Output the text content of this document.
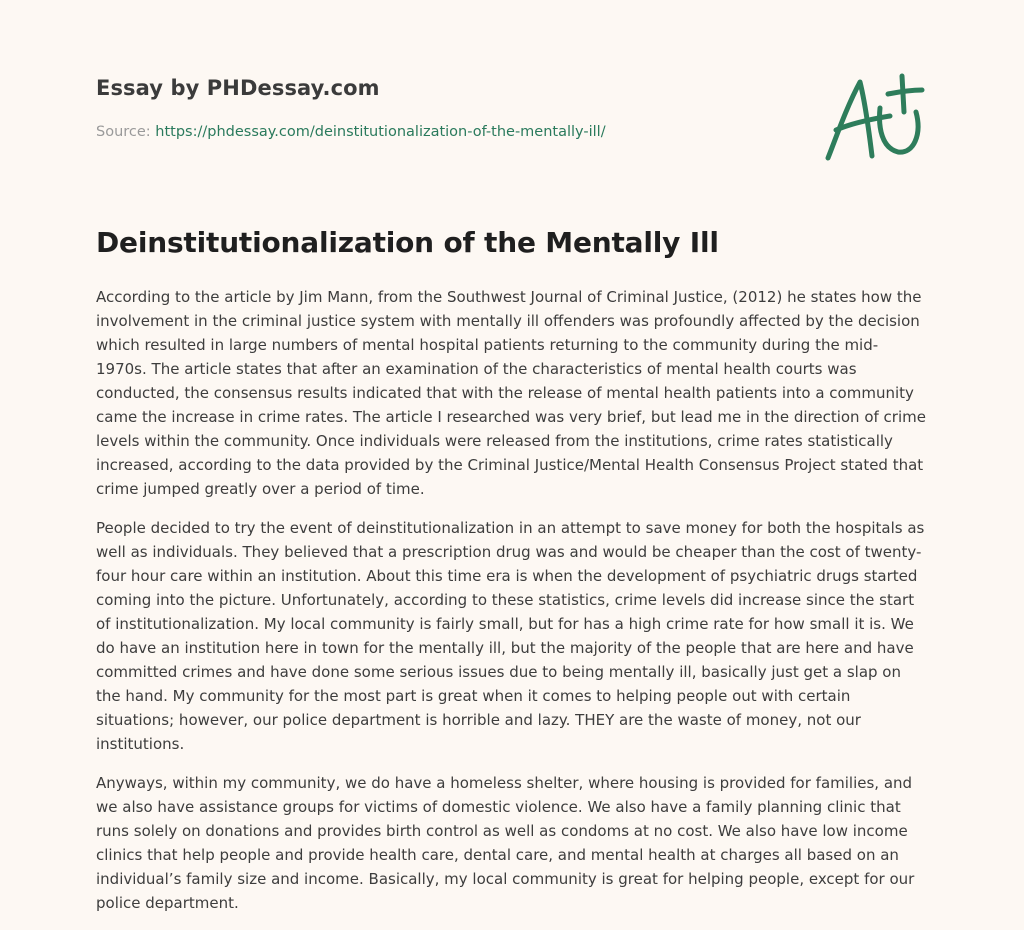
Essay by PHDessay.com
Source: https://phdessay.com/deinstitutionalization-of-the-mentally-ill/
Deinstitutionalization of the Mentally Ill

According to the article by Jim Mann, from the Southwest Journal of Criminal Justice, (2012) he states how the involvement in the criminal justice system with mentally ill offenders was profoundly affected by the decision which resulted in large numbers of mental hospital patients returning to the community during the mid-1970s. The article states that after an examination of the characteristics of mental health courts was conducted, the consensus results indicated that with the release of mental health patients into a community came the increase in crime rates. The article I researched was very brief, but lead me in the direction of crime levels within the community. Once individuals were released from the institutions, crime rates statistically increased, according to the data provided by the Criminal Justice/Mental Health Consensus Project stated that crime jumped greatly over a period of time.

People decided to try the event of deinstitutionalization in an attempt to save money for both the hospitals as well as individuals. They believed that a prescription drug was and would be cheaper than the cost of twenty-four hour care within an institution. About this time era is when the development of psychiatric drugs started coming into the picture. Unfortunately, according to these statistics, crime levels did increase since the start of institutionalization. My local community is fairly small, but for has a high crime rate for how small it is. We do have an institution here in town for the mentally ill, but the majority of the people that are here and have committed crimes and have done some serious issues due to being mentally ill, basically just get a slap on the hand. My community for the most part is great when it comes to helping people out with certain situations; however, our police department is horrible and lazy. THEY are the waste of money, not our institutions.

Anyways, within my community, we do have a homeless shelter, where housing is provided for families, and we also have assistance groups for victims of domestic violence. We also have a family planning clinic that runs solely on donations and provides birth control as well as condoms at no cost. We also have low income clinics that help people and provide health care, dental care, and mental health at charges all based on an individual’s family size and income. Basically, my local community is great for helping people, except for our police department.
